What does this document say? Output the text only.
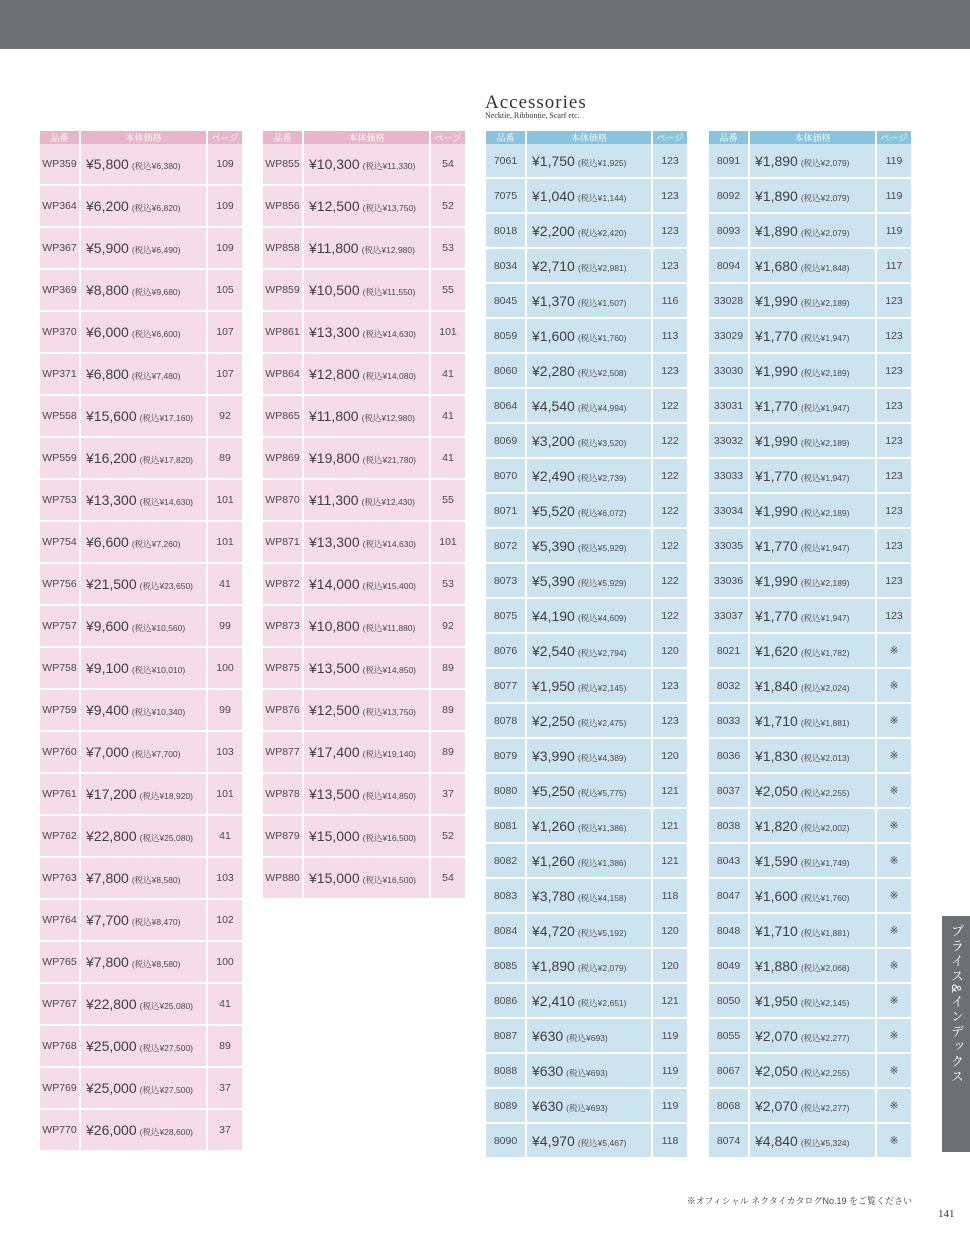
Accessories
Necktie, Ribbontie, Scarf etc.
品番	本体価格	ページ
WP359	¥5,800 (税込¥6,380)	109
WP364	¥6,200 (税込¥6,820)	109
WP367	¥5,900 (税込¥6,490)	109
WP369	¥8,800 (税込¥9,680)	105
WP370	¥6,000 (税込¥6,600)	107
WP371	¥6,800 (税込¥7,480)	107
WP558	¥15,600 (税込¥17,160)	92
WP559	¥16,200 (税込¥17,820)	89
WP753	¥13,300 (税込¥14,630)	101
WP754	¥6,600 (税込¥7,260)	101
WP756	¥21,500 (税込¥23,650)	41
WP757	¥9,600 (税込¥10,560)	99
WP758	¥9,100 (税込¥10,010)	100
WP759	¥9,400 (税込¥10,340)	99
WP760	¥7,000 (税込¥7,700)	103
WP761	¥17,200 (税込¥18,920)	101
WP762	¥22,800 (税込¥25,080)	41
WP763	¥7,800 (税込¥8,580)	103
WP764	¥7,700 (税込¥8,470)	102
WP765	¥7,800 (税込¥8,580)	100
WP767	¥22,800 (税込¥25,080)	41
WP768	¥25,000 (税込¥27,500)	89
WP769	¥25,000 (税込¥27,500)	37
WP770	¥26,000 (税込¥28,600)	37
品番	本体価格	ページ
WP855	¥10,300 (税込¥11,330)	54
WP856	¥12,500 (税込¥13,750)	52
WP858	¥11,800 (税込¥12,980)	53
WP859	¥10,500 (税込¥11,550)	55
WP861	¥13,300 (税込¥14,630)	101
WP864	¥12,800 (税込¥14,080)	41
WP865	¥11,800 (税込¥12,980)	41
WP869	¥19,800 (税込¥21,780)	41
WP870	¥11,300 (税込¥12,430)	55
WP871	¥13,300 (税込¥14,630)	101
WP872	¥14,000 (税込¥15,400)	53
WP873	¥10,800 (税込¥11,880)	92
WP875	¥13,500 (税込¥14,850)	89
WP876	¥12,500 (税込¥13,750)	89
WP877	¥17,400 (税込¥19,140)	89
WP878	¥13,500 (税込¥14,850)	37
WP879	¥15,000 (税込¥16,500)	52
WP880	¥15,000 (税込¥16,500)	54
品番	本体価格	ページ
7061	¥1,750 (税込¥1,925)	123
7075	¥1,040 (税込¥1,144)	123
8018	¥2,200 (税込¥2,420)	123
8034	¥2,710 (税込¥2,981)	123
8045	¥1,370 (税込¥1,507)	116
8059	¥1,600 (税込¥1,760)	113
8060	¥2,280 (税込¥2,508)	123
8064	¥4,540 (税込¥4,994)	122
8069	¥3,200 (税込¥3,520)	122
8070	¥2,490 (税込¥2,739)	122
8071	¥5,520 (税込¥6,072)	122
8072	¥5,390 (税込¥5,929)	122
8073	¥5,390 (税込¥5,929)	122
8075	¥4,190 (税込¥4,609)	122
8076	¥2,540 (税込¥2,794)	120
8077	¥1,950 (税込¥2,145)	123
8078	¥2,250 (税込¥2,475)	123
8079	¥3,990 (税込¥4,389)	120
8080	¥5,250 (税込¥5,775)	121
8081	¥1,260 (税込¥1,386)	121
8082	¥1,260 (税込¥1,386)	121
8083	¥3,780 (税込¥4,158)	118
8084	¥4,720 (税込¥5,192)	120
8085	¥1,890 (税込¥2,079)	120
8086	¥2,410 (税込¥2,651)	121
8087	¥630 (税込¥693)	119
8088	¥630 (税込¥693)	119
8089	¥630 (税込¥693)	119
8090	¥4,970 (税込¥5,467)	118
品番	本体価格	ページ
8091	¥1,890 (税込¥2,079)	119
8092	¥1,890 (税込¥2,079)	119
8093	¥1,890 (税込¥2,079)	119
8094	¥1,680 (税込¥1,848)	117
33028	¥1,990 (税込¥2,189)	123
33029	¥1,770 (税込¥1,947)	123
33030	¥1,990 (税込¥2,189)	123
33031	¥1,770 (税込¥1,947)	123
33032	¥1,990 (税込¥2,189)	123
33033	¥1,770 (税込¥1,947)	123
33034	¥1,990 (税込¥2,189)	123
33035	¥1,770 (税込¥1,947)	123
33036	¥1,990 (税込¥2,189)	123
33037	¥1,770 (税込¥1,947)	123
8021	¥1,620 (税込¥1,782)	※
8032	¥1,840 (税込¥2,024)	※
8033	¥1,710 (税込¥1,881)	※
8036	¥1,830 (税込¥2,013)	※
8037	¥2,050 (税込¥2,255)	※
8038	¥1,820 (税込¥2,002)	※
8043	¥1,590 (税込¥1,749)	※
8047	¥1,600 (税込¥1,760)	※
8048	¥1,710 (税込¥1,881)	※
8049	¥1,880 (税込¥2,068)	※
8050	¥1,950 (税込¥2,145)	※
8055	¥2,070 (税込¥2,277)	※
8067	¥2,050 (税込¥2,255)	※
8068	¥2,070 (税込¥2,277)	※
8074	¥4,840 (税込¥5,324)	※
プライス&インデックス
※オフィシャル ネクタイカタログNo.19 をご覧ください
141
